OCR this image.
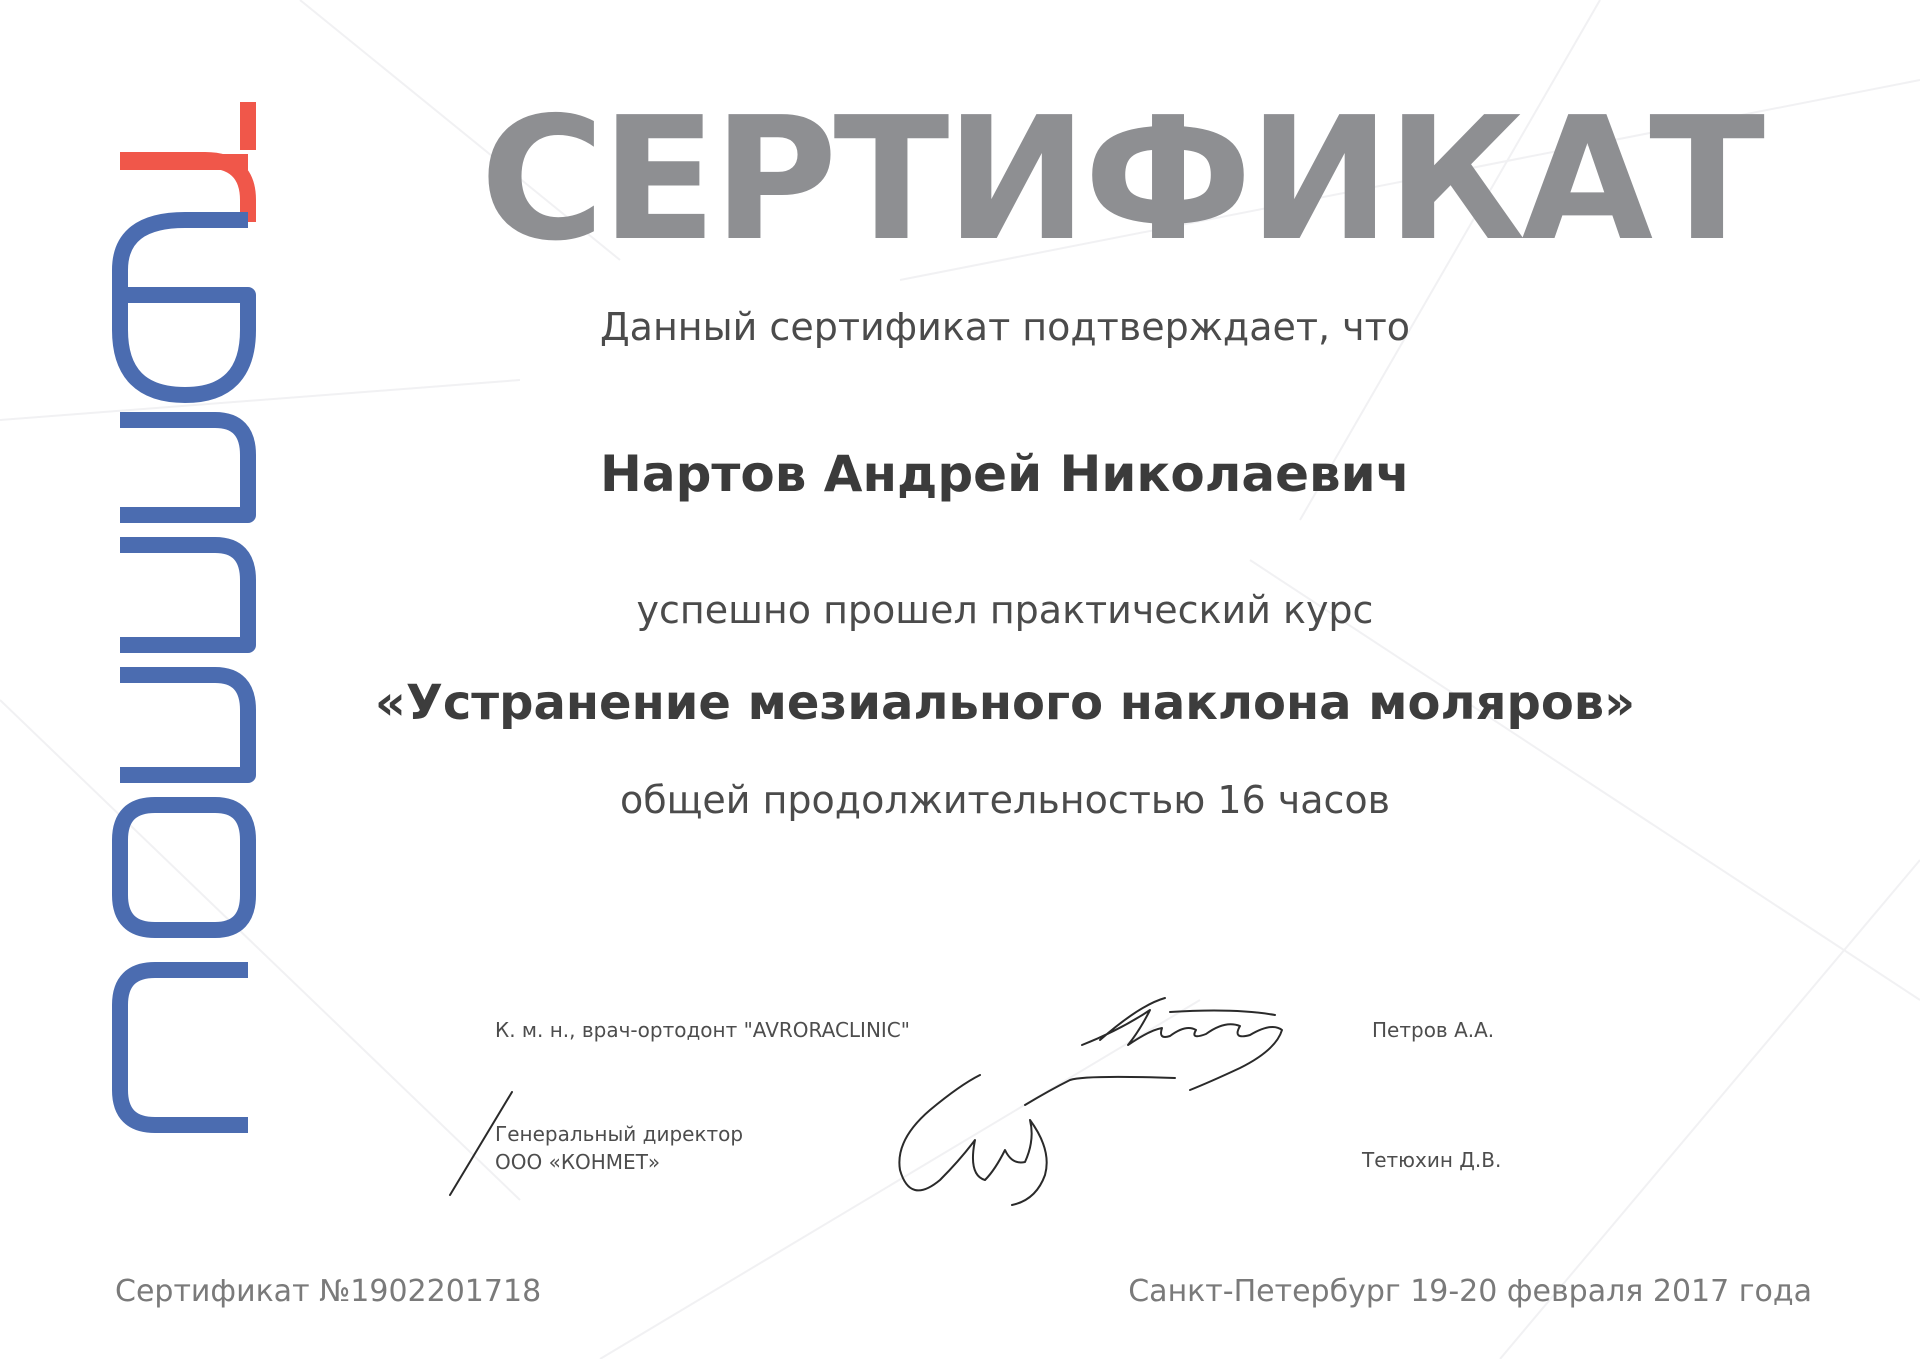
СЕРТИФИКАТ
Данный сертификат подтверждает, что
Нартов Андрей Николаевич
успешно прошел практический курс
«Устранение мезиального наклона моляров»
общей продолжительностью 16 часов
К. м. н., врач-ортодонт "AVRORACLINIC"	Петров А.А.
Генеральный директор
ООО «КОНМЕТ»	Тетюхин Д.В.
Сертификат №1902201718	Санкт-Петербург 19-20 февраля 2017 года
